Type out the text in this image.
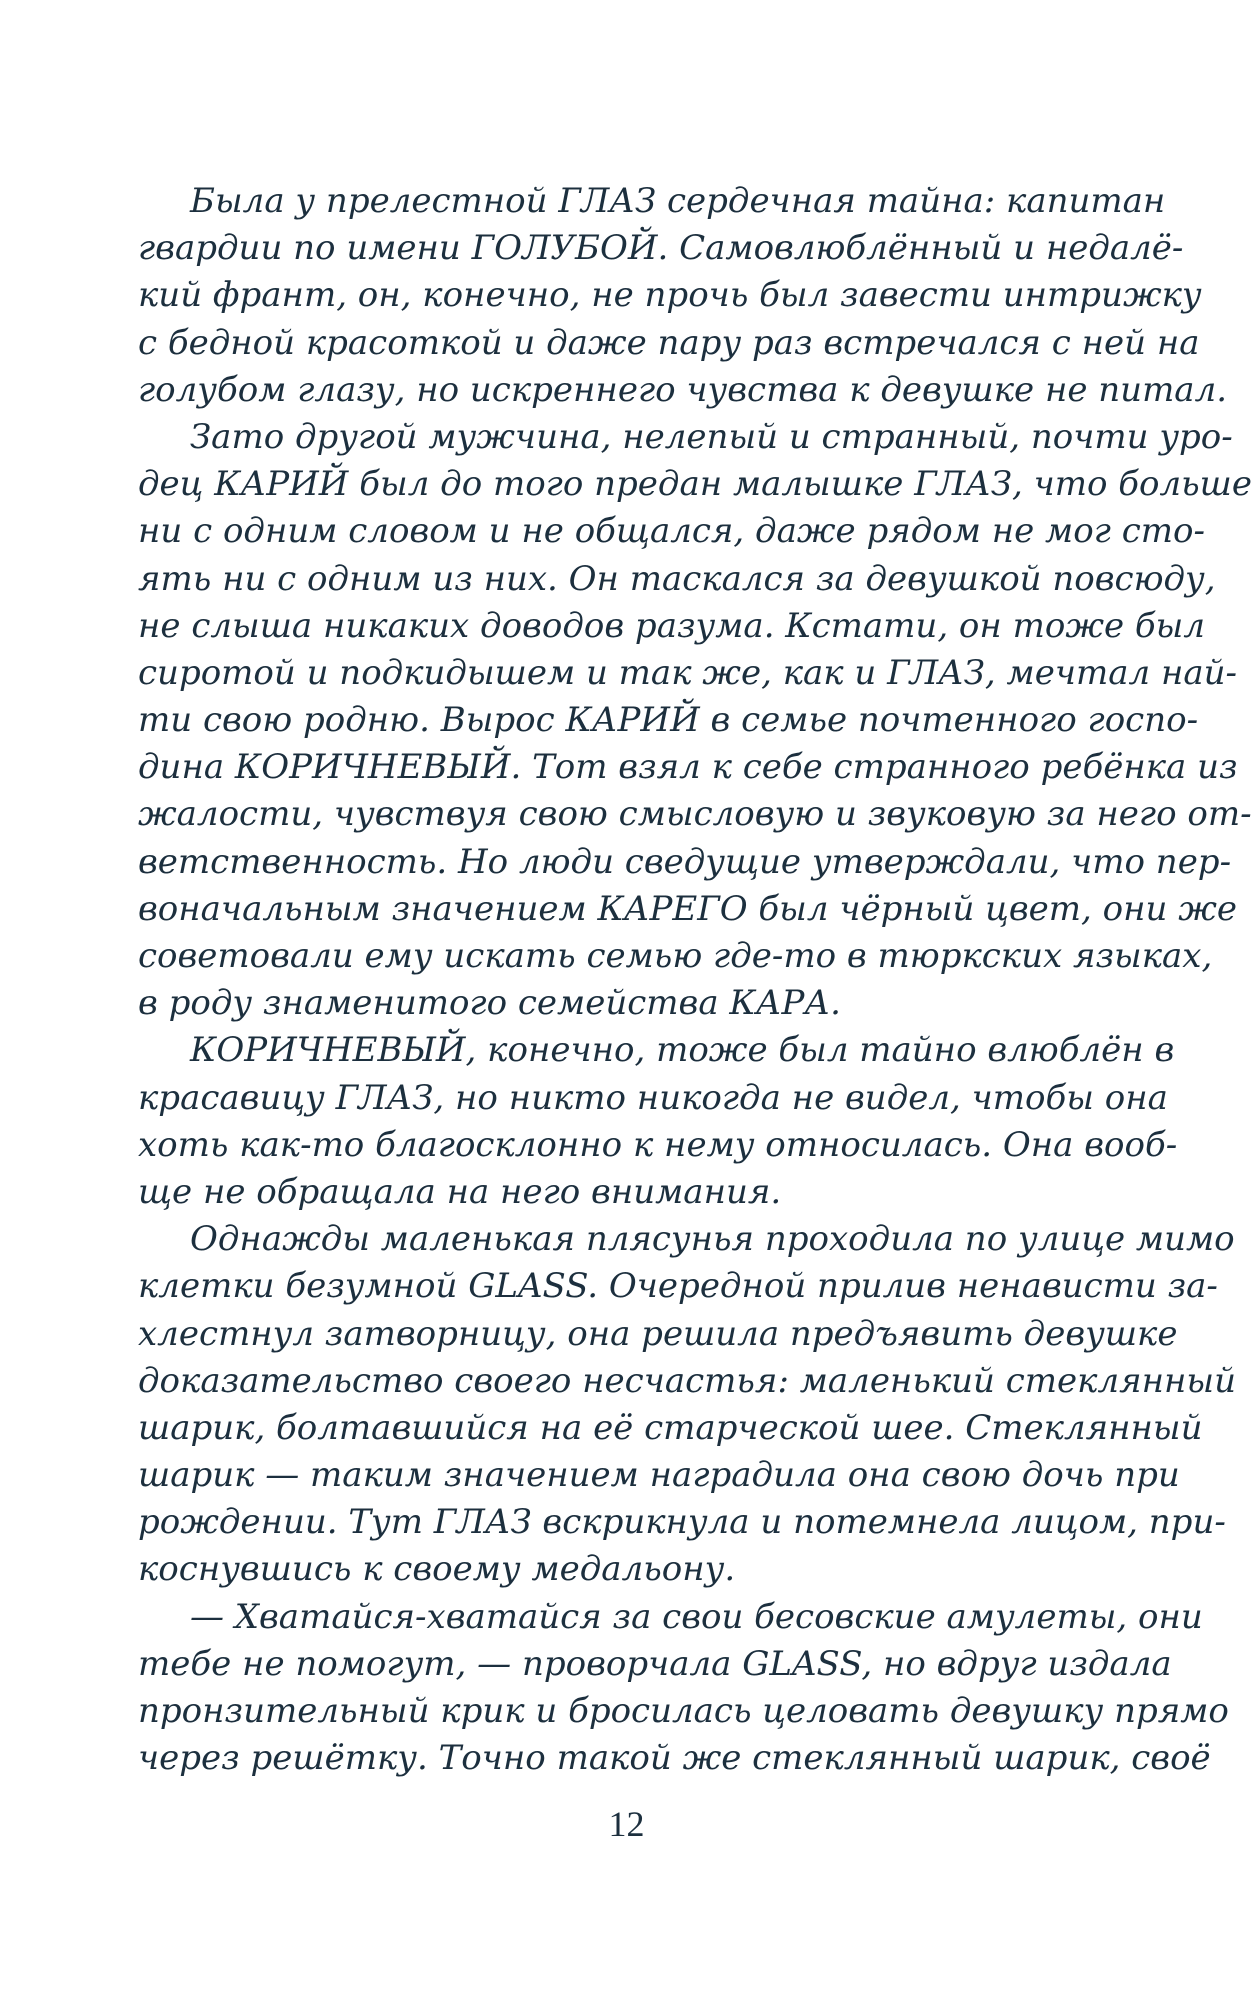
Была у прелестной ГЛАЗ сердечная тайна: капитан
гвардии по имени ГОЛУБОЙ. Самовлюблённый и недалё-
кий франт, он, конечно, не прочь был завести интрижку
с бедной красоткой и даже пару раз встречался с ней на
голубом глазу, но искреннего чувства к девушке не питал.
Зато другой мужчина, нелепый и странный, почти уро-
дец КАРИЙ был до того предан малышке ГЛАЗ, что больше
ни с одним словом и не общался, даже рядом не мог сто-
ять ни с одним из них. Он таскался за девушкой повсюду,
не слыша никаких доводов разума. Кстати, он тоже был
сиротой и подкидышем и так же, как и ГЛАЗ, мечтал най-
ти свою родню. Вырос КАРИЙ в семье почтенного госпо-
дина КОРИЧНЕВЫЙ. Тот взял к себе странного ребёнка из
жалости, чувствуя свою смысловую и звуковую за него от-
ветственность. Но люди сведущие утверждали, что пер-
воначальным значением КАРЕГО был чёрный цвет, они же
советовали ему искать семью где-то в тюркских языках,
в роду знаменитого семейства КАРА.
КОРИЧНЕВЫЙ, конечно, тоже был тайно влюблён в
красавицу ГЛАЗ, но никто никогда не видел, чтобы она
хоть как-то благосклонно к нему относилась. Она вооб-
ще не обращала на него внимания.
Однажды маленькая плясунья проходила по улице мимо
клетки безумной GLASS. Очередной прилив ненависти за-
хлестнул затворницу, она решила предъявить девушке
доказательство своего несчастья: маленький стеклянный
шарик, болтавшийся на её старческой шее. Стеклянный
шарик — таким значением наградила она свою дочь при
рождении. Тут ГЛАЗ вскрикнула и потемнела лицом, при-
коснувшись к своему медальону.
— Хватайся-хватайся за свои бесовские амулеты, они
тебе не помогут, — проворчала GLASS, но вдруг издала
пронзительный крик и бросилась целовать девушку прямо
через решётку. Точно такой же стеклянный шарик, своё
12
